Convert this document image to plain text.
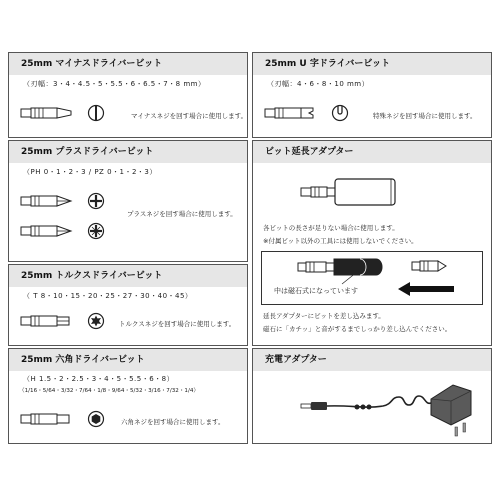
25mm マイナスドライバービット
（刃幅：3・4・4.5・5・5.5・6・6.5・7・8 mm）
マイナスネジを回す場合に使用します。
25mm U 字ドライバービット
（刃幅：4・6・8・10 mm）
特殊ネジを回す場合に使用します。
25mm プラスドライバービット
（PH 0・1・2・3 / PZ 0・1・2・3）
プラスネジを回す場合に使用します。
ビット延長アダプター
各ビットの長さが足りない場合に使用します。
※付属ビット以外の工具には使用しないでください。
中は磁石式になっています
延長アダプターにビットを差し込みます。
磁石に「カチッ」と音がするまでしっかり差し込んでください。
25mm トルクスドライバービット
（ T 8・10・15・20・25・27・30・40・45）
トルクスネジを回す場合に使用します。
25mm 六角ドライバービット
（H 1.5・2・2.5・3・4・5・5.5・6・8）
（1/16・5/64・3/32・7/64・1/8・9/64・5/32・3/16・7/32・1/4）
六角ネジを回す場合に使用します。
充電アダプター
